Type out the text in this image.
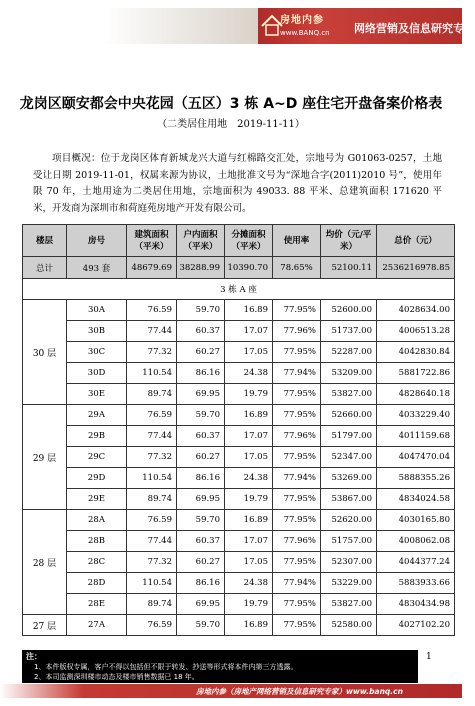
房地内参
www.BANQ.cn 网络营销及信息研究专家
龙岗区颐安都会中央花园（五区）3 栋 A~D 座住宅开盘备案价格表
（二类居住用地　2019-11-11）
项目概况：位于龙岗区体育新城龙兴大道与红棉路交汇处，宗地号为 G01063-0257，土地受让日期 2019-11-01，权属来源为协议，土地批准文号为“深地合字(2011)2010 号”，使用年限 70 年，土地用途为二类居住用地，宗地面积为 49033. 88 平米、总建筑面积 171620 平米，开发商为深圳市和荷庭苑房地产开发有限公司。
楼层	房号	建筑面积（平米）	户内面积（平米）	分摊面积（平米）	使用率	均价（元/平米）	总价（元）
总计	493 套	48679.69	38288.99	10390.70	78.65%	52100.11	2536216978.85
3 栋 A 座							
30 层	30A	76.59	59.70	16.89	77.95%	52600.00	4028634.00
	30B	77.44	60.37	17.07	77.96%	51737.00	4006513.28
	30C	77.32	60.27	17.05	77.95%	52287.00	4042830.84
	30D	110.54	86.16	24.38	77.94%	53209.00	5881722.86
	30E	89.74	69.95	19.79	77.95%	53827.00	4828640.18
29 层	29A	76.59	59.70	16.89	77.95%	52660.00	4033229.40
	29B	77.44	60.37	17.07	77.96%	51797.00	4011159.68
	29C	77.32	60.27	17.05	77.95%	52347.00	4047470.04
	29D	110.54	86.16	24.38	77.94%	53269.00	5888355.26
	29E	89.74	69.95	19.79	77.95%	53867.00	4834024.58
28 层	28A	76.59	59.70	16.89	77.95%	52620.00	4030165.80
	28B	77.44	60.37	17.07	77.96%	51757.00	4008062.08
	28C	77.32	60.27	17.05	77.95%	52307.00	4044377.24
	28D	110.54	86.16	24.38	77.94%	53229.00	5883933.66
	28E	89.74	69.95	19.79	77.95%	53827.00	4830434.98
27 层	27A	76.59	59.70	16.89	77.95%	52580.00	4027102.20
注：
1、本件版权专属，客户不得以包括但不限于转发、抄送等形式将本件内第三方透露。
2、本司监测深圳楼市动态及楼市销售数据已 18 年。
1
房地内参（房地产网络营销及信息研究专家）www.banq.cn
